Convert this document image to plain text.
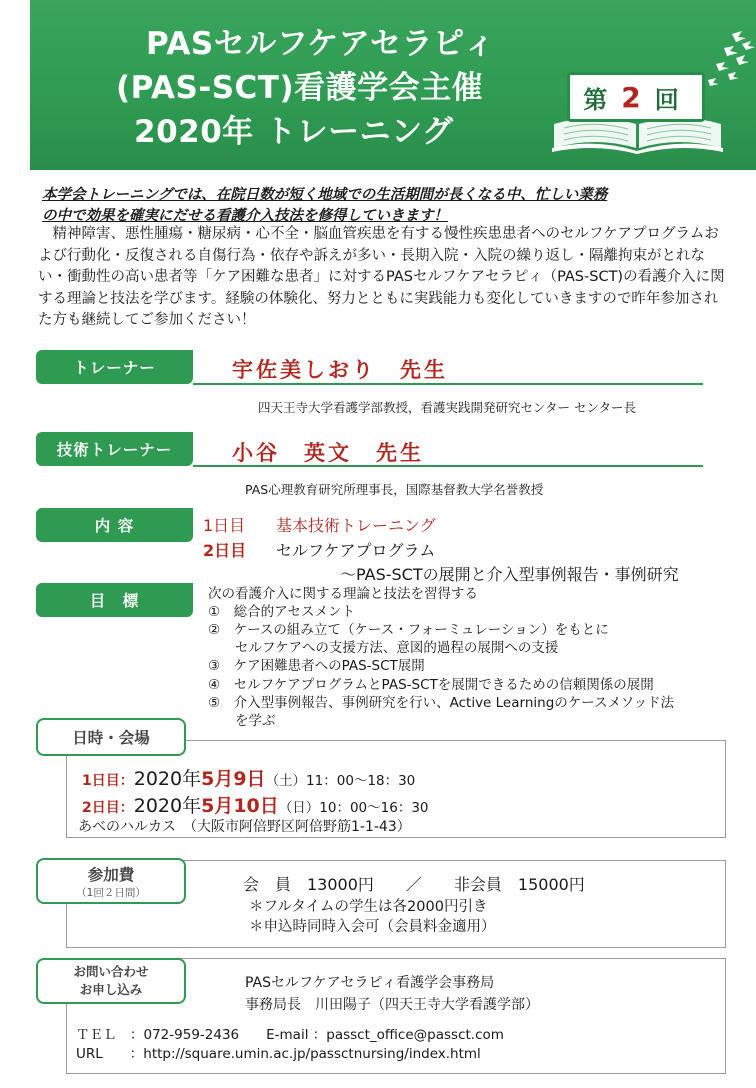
PASセルフケアセラピィ
(PAS-SCT)看護学会主催
2020年 トレーニング
第 2 回
本学会トレーニングでは、在院日数が短く地域での生活期間が長くなる中、忙しい業務
の中で効果を確実にだせる看護介入技法を修得していきます！
　精神障害、悪性腫瘍・糖尿病・心不全・脳血管疾患を有する慢性疾患患者へのセルフケアプログラムおよび行動化・反復される自傷行為・依存や訴えが多い・長期入院・入院の繰り返し・隔離拘束がとれない・衝動性の高い患者等「ケア困難な患者」に対するPASセルフケアセラピィ（PAS-SCT)の看護介入に関する理論と技法を学びます。経験の体験化、努力とともに実践能力も変化していきますので昨年参加された方も継続してご参加ください！
トレーナー	宇佐美しおり　先生
四天王寺大学看護学部教授，看護実践開発研究センター センター長
技術トレーナー	小谷　英文　先生
PAS心理教育研究所理事長，国際基督教大学名誉教授
内 容	1日目 基本技術トレーニング
2日目 セルフケアプログラム
〜PAS-SCTの展開と介入型事例報告・事例研究
目　標	次の看護介入に関する理論と技法を習得する
①　総合的アセスメント
②　ケースの組み立て（ケース・フォーミュレーション）をもとに
　　セルフケアへの支援方法、意図的過程の展開への支援
③　ケア困難患者へのPAS-SCT展開
④　セルフケアプログラムとPAS-SCTを展開できるための信頼関係の展開
⑤　介入型事例報告、事例研究を行い、Active Learningのケースメソッド法
　　を学ぶ
日時・会場
1日目：2020年5月9日（土）11：00〜18：30
2日目：2020年5月10日（日）10：00〜16：30
あべのハルカス　（大阪市阿倍野区阿倍野筋1-1-43）
参加費
（1回２日間）	会　員　13000円　　／　　非会員　15000円
＊フルタイムの学生は各2000円引き
＊申込時同時入会可（会員料金適用）
お問い合わせ
お申し込み	PASセルフケアセラピィ看護学会事務局
事務局長　川田陽子（四天王寺大学看護学部）
ＴＥＬ　：072-959-2436　　E-mail ：passct_office@passct.com
URL　　：http://square.umin.ac.jp/passctnursing/index.html
